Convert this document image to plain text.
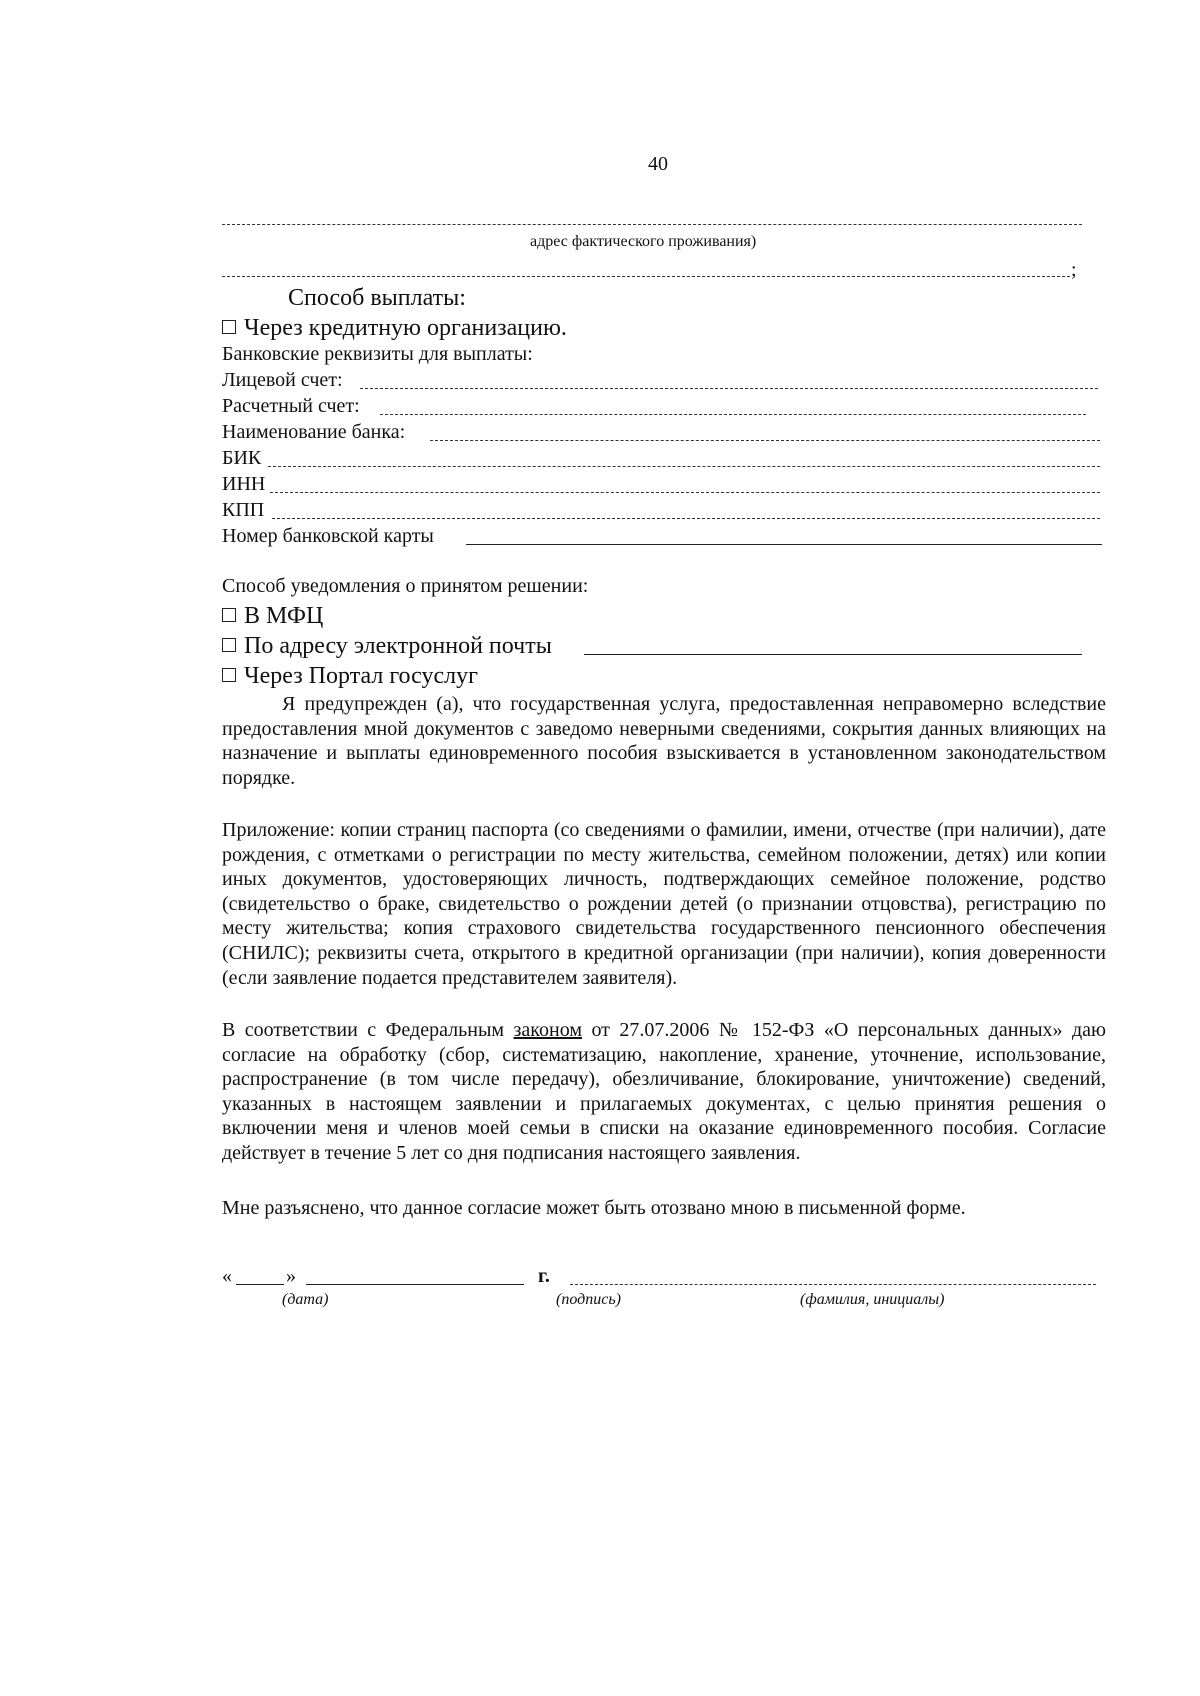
40
адрес фактического проживания)
;
Способ выплаты:
Через кредитную организацию.
Банковские реквизиты для выплаты:
Лицевой счет:
Расчетный счет:
Наименование банка:
БИК
ИНН
КПП
Номер банковской карты
Способ уведомления о принятом решении:
В МФЦ
По адресу электронной почты
Через Портал госуслуг
Я предупрежден (а), что государственная услуга, предоставленная неправомерно вследствие предоставления мной документов с заведомо неверными сведениями, сокрытия данных влияющих на назначение и выплаты единовременного пособия взыскивается в установленном законодательством порядке.
Приложение: копии страниц паспорта (со сведениями о фамилии, имени, отчестве (при наличии), дате рождения, с отметками о регистрации по месту жительства, семейном положении, детях) или копии иных документов, удостоверяющих личность, подтверждающих семейное положение, родство (свидетельство о браке, свидетельство о рождении детей (о признании отцовства), регистрацию по месту жительства; копия страхового свидетельства государственного пенсионного обеспечения (СНИЛС); реквизиты счета, открытого в кредитной организации (при наличии), копия доверенности (если заявление подается представителем заявителя).
В соответствии с Федеральным законом от 27.07.2006 № 152-ФЗ «О персональных данных» даю согласие на обработку (сбор, систематизацию, накопление, хранение, уточнение, использование, распространение (в том числе передачу), обезличивание, блокирование, уничтожение) сведений, указанных в настоящем заявлении и прилагаемых документах, с целью принятия решения о включении меня и членов моей семьи в списки на оказание единовременного пособия. Согласие действует в течение 5 лет со дня подписания настоящего заявления.
Мне разъяснено, что данное согласие может быть отозвано мною в письменной форме.
«	»	г.
(дата)	(подпись)	(фамилия, инициалы)
